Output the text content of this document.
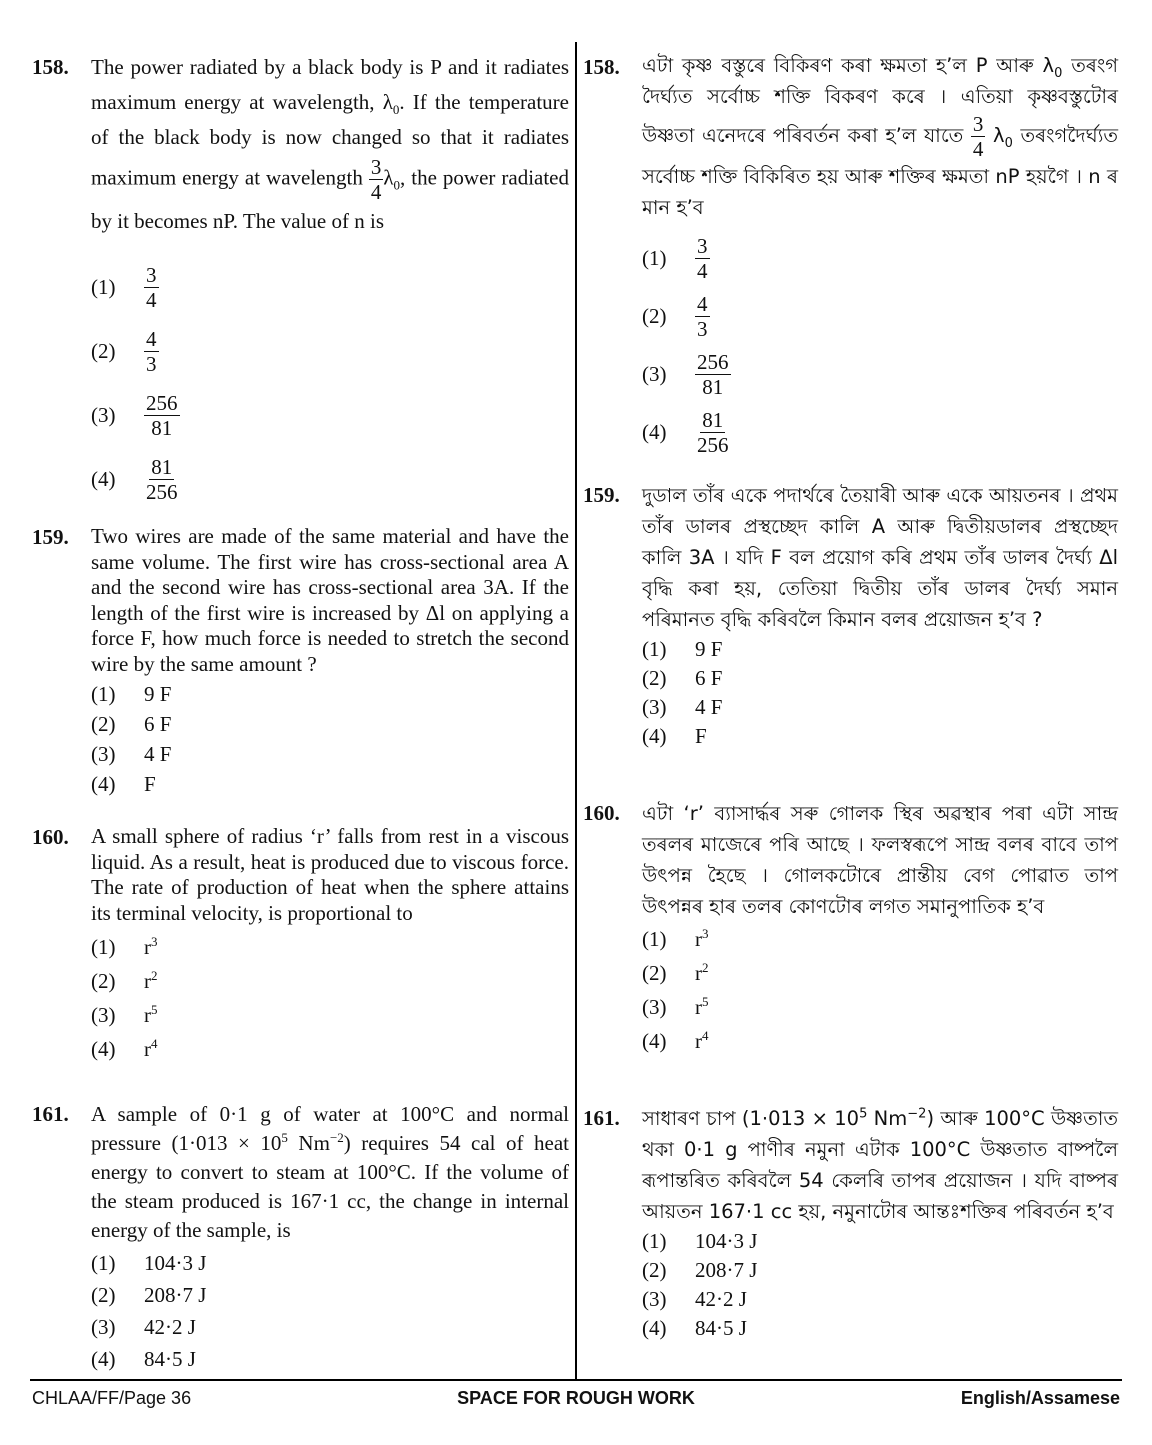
158. The power radiated by a black body is P and it radiates maximum energy at wavelength, $\lambda_0$. If the temperature of the black body is now changed so that it radiates maximum energy at wavelength $\frac{3}{4} \lambda_0$, the power radiated by it becomes nP. The value of n is
(1)	$\frac{3}{4}$
(2)	$\frac{4}{3}$
(3)	$\frac{256}{81}$
(4)	$\frac{81}{256}$
159. Two wires are made of the same material and have the same volume. The first wire has cross-sectional area A and the second wire has cross-sectional area 3A. If the length of the first wire is increased by Δl on applying a force F, how much force is needed to stretch the second wire by the same amount ?
(1)	9 F
(2)	6 F
(3)	4 F
(4)	F
160. A small sphere of radius ‘r’ falls from rest in a viscous liquid. As a result, heat is produced due to viscous force. The rate of production of heat when the sphere attains its terminal velocity, is proportional to
(1)	$r^3$
(2)	$r^2$
(3)	$r^5$
(4)	$r^4$
161. A sample of 0·1 g of water at 100°C and normal pressure ($1\cdot 013 \times 10^5$ $Nm^{-2}$) requires 54 cal of heat energy to convert to steam at 100°C. If the volume of the steam produced is 167·1 cc, the change in internal energy of the sample, is
(1)	104·3 J
(2)	208·7 J
(3)	42·2 J
(4)	84·5 J
158. এটা কৃষ্ণ বস্তুৰে বিকিৰণ কৰা ক্ষমতা হ’ল P আৰু $\lambda_0$ তৰংগ দৈৰ্ঘ্যত সৰ্বোচ্চ শক্তি বিকৰণ কৰে । এতিয়া কৃষ্ণবস্তুটোৰ উষ্ণতা এনেদৰে পৰিবৰ্তন কৰা হ’ল যাতে $\frac{3}{4} \lambda_0$ তৰংগদৈৰ্ঘ্যত সৰ্বোচ্চ শক্তি বিকিৰিত হয় আৰু শক্তিৰ ক্ষমতা nP হয়গৈ । n ৰ মান হ’ব
(1)	$\frac{3}{4}$
(2)	$\frac{4}{3}$
(3)	$\frac{256}{81}$
(4)	$\frac{81}{256}$
159. দুডাল তাঁৰ একে পদাৰ্থৰে তৈয়াৰী আৰু একে আয়তনৰ । প্ৰথম তাঁৰ ডালৰ প্ৰস্থচ্ছেদ কালি A আৰু দ্বিতীয়ডালৰ প্ৰস্থচ্ছেদ কালি 3A । যদি F বল প্ৰয়োগ কৰি প্ৰথম তাঁৰ ডালৰ দৈৰ্ঘ্য Δl বৃদ্ধি কৰা হয়, তেতিয়া দ্বিতীয় তাঁৰ ডালৰ দৈৰ্ঘ্য সমান পৰিমানত বৃদ্ধি কৰিবলৈ কিমান বলৰ প্ৰয়োজন হ’ব ?
(1)	9 F
(2)	6 F
(3)	4 F
(4)	F
160. এটা ‘r’ ব্যাসাৰ্দ্ধৰ সৰু গোলক স্থিৰ অৱস্থাৰ পৰা এটা সান্দ্ৰ তৰলৰ মাজেৰে পৰি আছে । ফলস্বৰূপে সান্দ্ৰ বলৰ বাবে তাপ উৎপন্ন হৈছে । গোলকটোৰে প্ৰান্তীয় বেগ পোৱাত তাপ উৎপন্নৰ হাৰ তলৰ কোণটোৰ লগত সমানুপাতিক হ’ব
(1)	$r^3$
(2)	$r^2$
(3)	$r^5$
(4)	$r^4$
161. সাধাৰণ চাপ ($1\cdot 013 \times 10^5$ $Nm^{-2}$) আৰু 100°C উষ্ণতাত থকা 0·1 g পাণীৰ নমুনা এটাক 100°C উষ্ণতাত বাষ্পলৈ ৰূপান্তৰিত কৰিবলৈ 54 কেলৰি তাপৰ প্ৰয়োজন । যদি বাষ্পৰ আয়তন 167·1 cc হয়, নমুনাটোৰ আন্তঃশক্তিৰ পৰিবৰ্তন হ’ব
(1)	104·3 J
(2)	208·7 J
(3)	42·2 J
(4)	84·5 J
CHLAA/FF/Page 36	SPACE FOR ROUGH WORK	English/Assamese
